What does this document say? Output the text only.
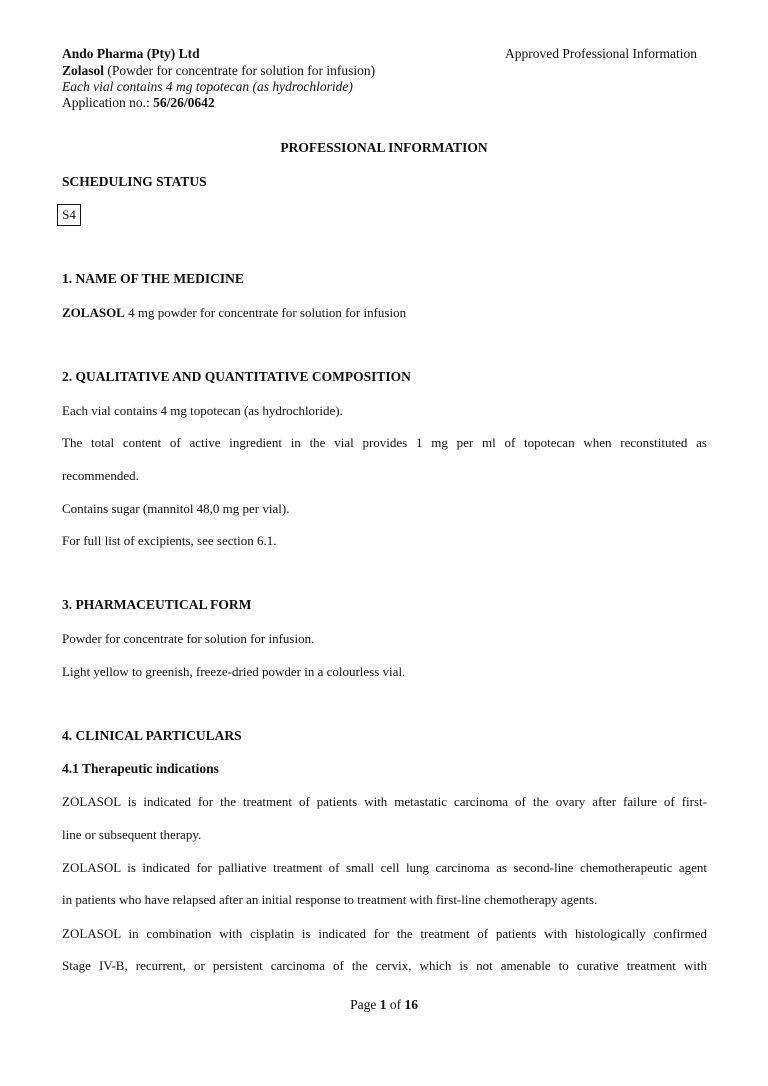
Ando Pharma (Pty) Ltd	Approved Professional Information
Zolasol (Powder for concentrate for solution for infusion)
Each vial contains 4 mg topotecan (as hydrochloride)
Application no.: 56/26/0642
PROFESSIONAL INFORMATION
SCHEDULING STATUS
S4
1. NAME OF THE MEDICINE
ZOLASOL 4 mg powder for concentrate for solution for infusion
2. QUALITATIVE AND QUANTITATIVE COMPOSITION
Each vial contains 4 mg topotecan (as hydrochloride).
The total content of active ingredient in the vial provides 1 mg per ml of topotecan when reconstituted as
recommended.
Contains sugar (mannitol 48,0 mg per vial).
For full list of excipients, see section 6.1.
3. PHARMACEUTICAL FORM
Powder for concentrate for solution for infusion.
Light yellow to greenish, freeze-dried powder in a colourless vial.
4. CLINICAL PARTICULARS
4.1 Therapeutic indications
ZOLASOL is indicated for the treatment of patients with metastatic carcinoma of the ovary after failure of first-
line or subsequent therapy.
ZOLASOL is indicated for palliative treatment of small cell lung carcinoma as second-line chemotherapeutic agent
in patients who have relapsed after an initial response to treatment with first-line chemotherapy agents.
ZOLASOL in combination with cisplatin is indicated for the treatment of patients with histologically confirmed
Stage IV-B, recurrent, or persistent carcinoma of the cervix, which is not amenable to curative treatment with
Page 1 of 16
